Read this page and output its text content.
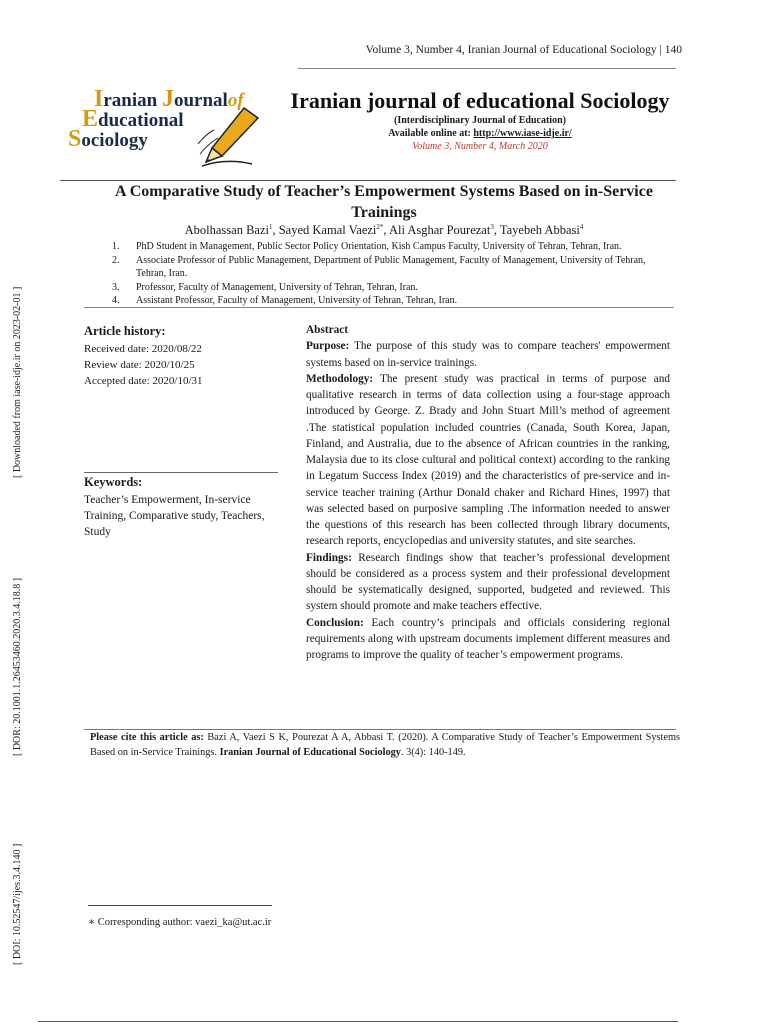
[ Downloaded from iase-idje.ir on 2023-02-01 ]
[ DOR: 20.1001.1.26453460.2020.3.4.18.8 ]
[ DOI: 10.52547/ijes.3.4.140 ]
Volume 3, Number 4, Iranian Journal of Educational Sociology | 140
Iranian Journalof
Educational
Sociology
Iranian journal of educational Sociology
(Interdisciplinary Journal of Education)
Available online at: http://www.iase-idje.ir/
Volume 3, Number 4, March 2020
A Comparative Study of Teacher’s Empowerment Systems Based on in-Service Trainings
Abolhassan Bazi$^1$, Sayed Kamal Vaezi$^{2*}$, Ali Asghar Pourezat$^3$, Tayebeh Abbasi$^4$
1.	PhD Student in Management, Public Sector Policy Orientation, Kish Campus Faculty, University of Tehran, Tehran, Iran.
2.	Associate Professor of Public Management, Department of Public Management, Faculty of Management, University of Tehran, Tehran, Iran.
3.	Professor, Faculty of Management, University of Tehran, Tehran, Iran.
4.	Assistant Professor, Faculty of Management, University of Tehran, Tehran, Iran.
Article history:
Received date: 2020/08/22
Review date: 2020/10/25
Accepted date: 2020/10/31
Keywords:
Teacher’s Empowerment, In-service Training, Comparative study, Teachers, Study
Abstract
Purpose: The purpose of this study was to compare teachers' empowerment systems based on in-service trainings.
Methodology: The present study was practical in terms of purpose and qualitative research in terms of data collection using a four-stage approach introduced by George. Z. Brady and John Stuart Mill’s method of agreement .The statistical population included countries (Canada, South Korea, Japan, Finland, and Australia, due to the absence of African countries in the ranking, Malaysia due to its close cultural and political context) according to the ranking in Legatum Success Index (2019) and the characteristics of pre-service and in-service teacher training (Arthur Donald chaker and Richard Hines, 1997) that was selected based on purposive sampling .The information needed to answer the questions of this research has been collected through library documents, research reports, encyclopedias and university statutes, and site searches.
Findings: Research findings show that teacher’s professional development should be considered as a process system and their professional development should be systematically designed, supported, budgeted and reviewed. This system should promote and make teachers effective.
Conclusion: Each country’s principals and officials considering regional requirements along with upstream documents implement different measures and programs to improve the quality of teacher’s empowerment programs.
Please cite this article as: Bazi A, Vaezi S K, Pourezat A A, Abbasi T. (2020). A Comparative Study of Teacher’s Empowerment Systems Based on in-Service Trainings. Iranian Journal of Educational Sociology. 3(4): 140-149.
∗ Corresponding author: vaezi_ka@ut.ac.ir
